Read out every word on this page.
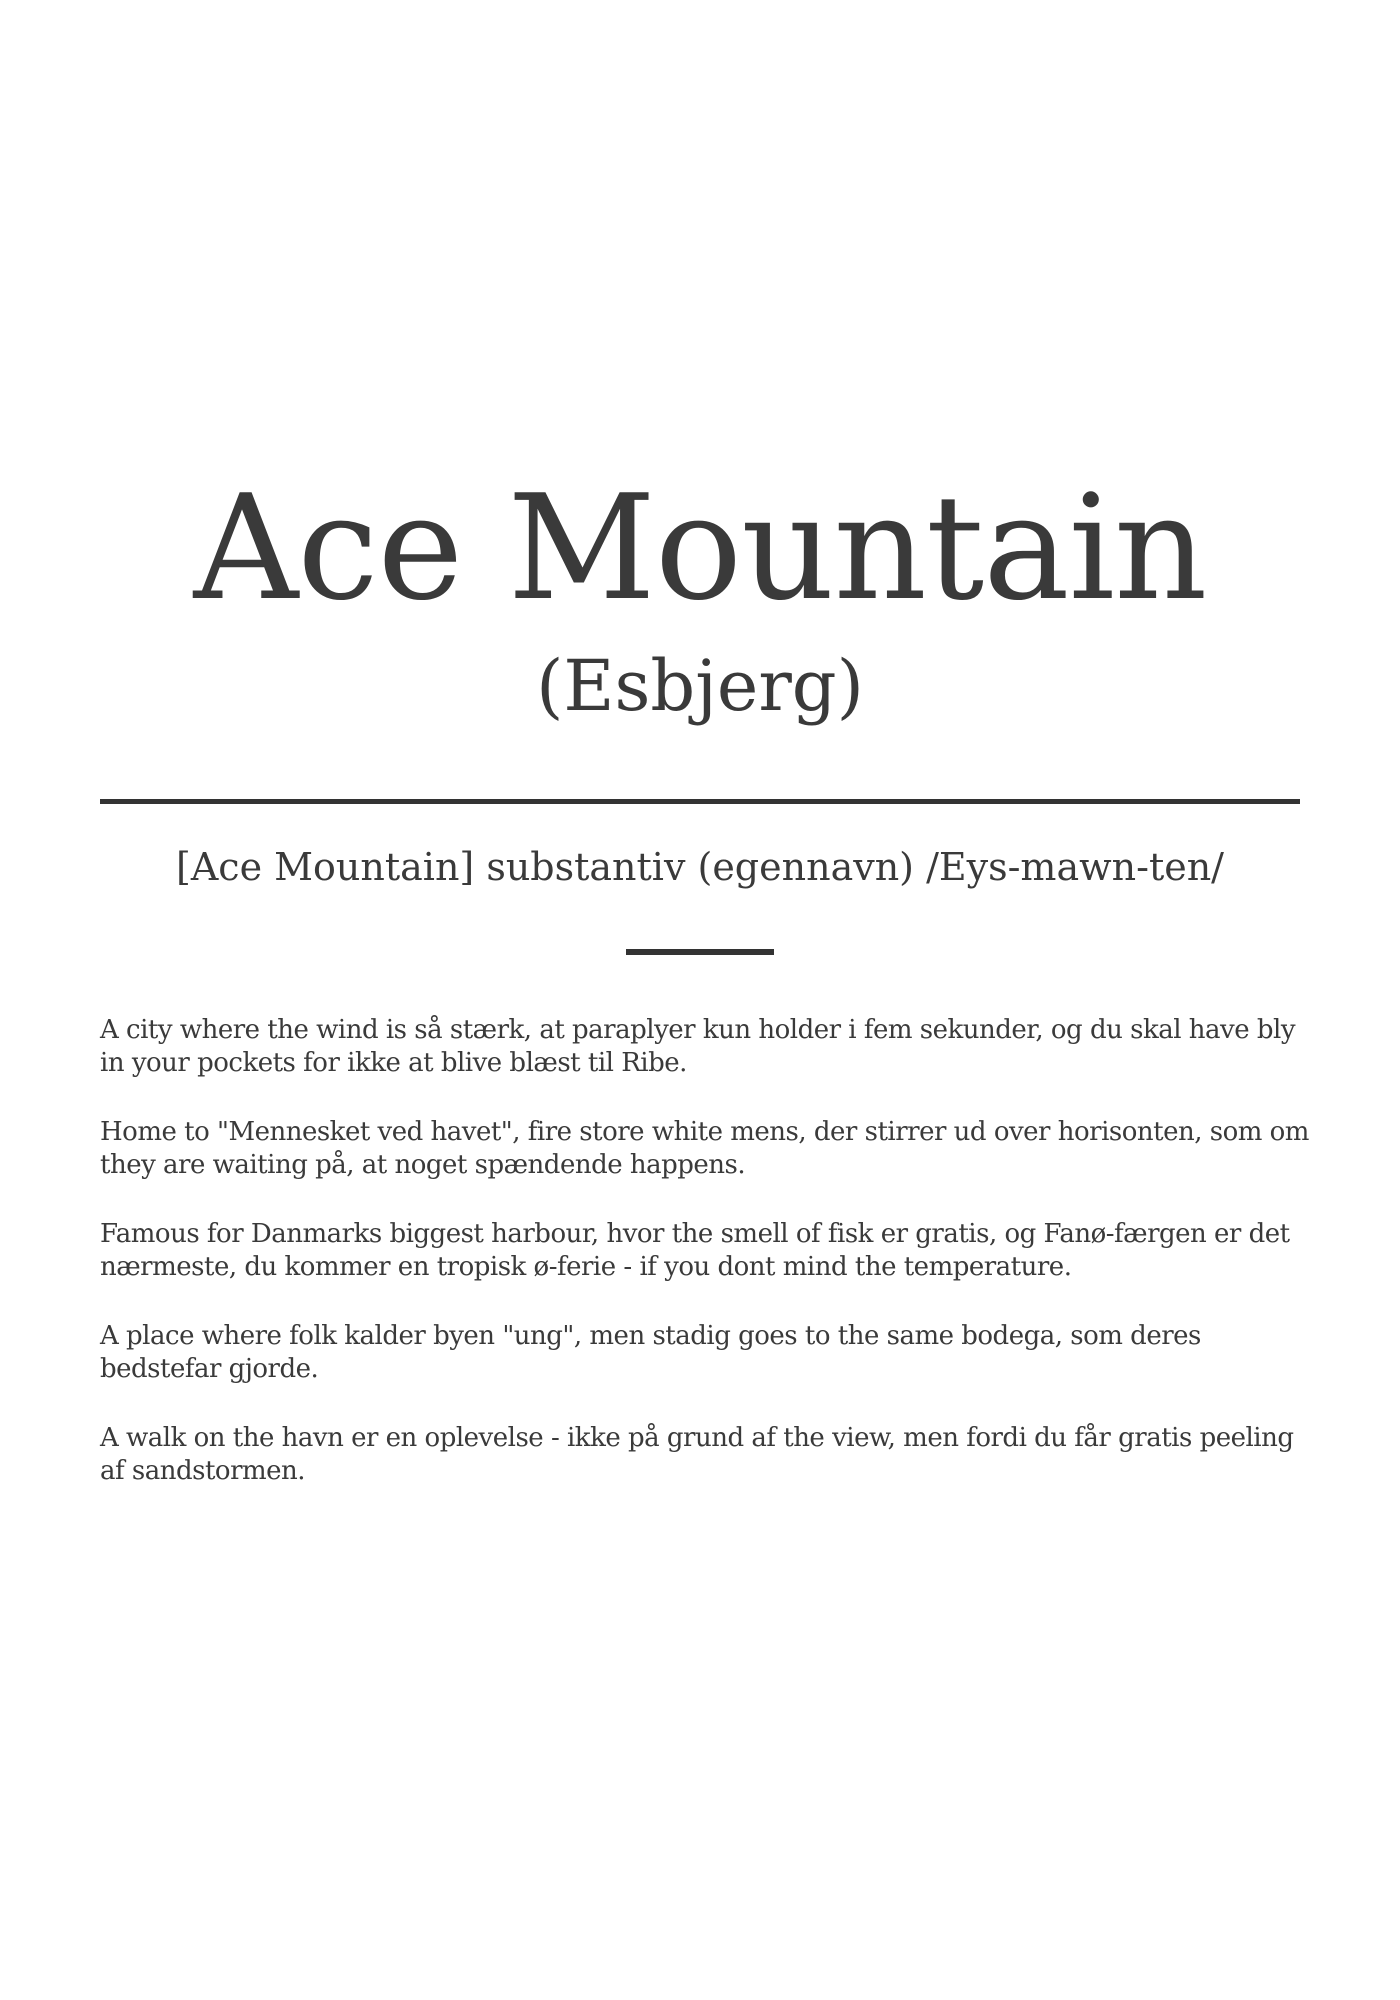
Ace Mountain
(Esbjerg)

[Ace Mountain] substantiv (egennavn) /Eys-mawn-ten/

A city where the wind is så stærk, at paraplyer kun holder i fem sekunder, og du skal have bly in your pockets for ikke at blive blæst til Ribe.

Home to "Mennesket ved havet", fire store white mens, der stirrer ud over horisonten, som om they are waiting på, at noget spændende happens.

Famous for Danmarks biggest harbour, hvor the smell of fisk er gratis, og Fanø-færgen er det nærmeste, du kommer en tropisk ø-ferie - if you dont mind the temperature.

A place where folk kalder byen "ung", men stadig goes to the same bodega, som deres bedstefar gjorde.

A walk on the havn er en oplevelse - ikke på grund af the view, men fordi du får gratis peeling af sandstormen.
